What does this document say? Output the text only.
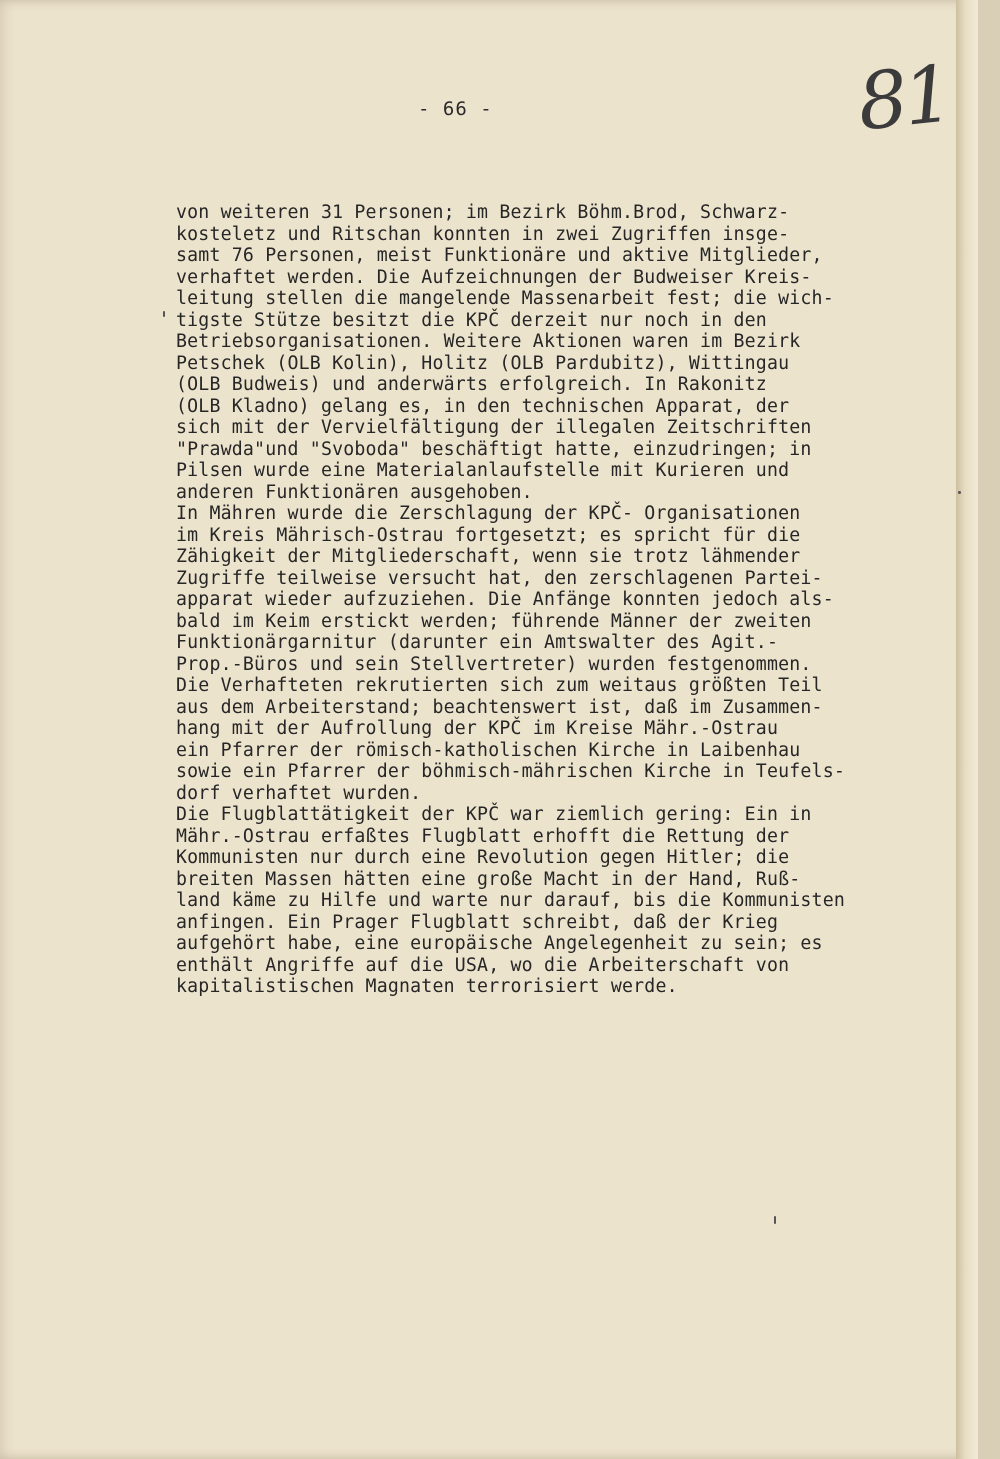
- 66 -	81
von weiteren 31 Personen; im Bezirk Böhm.Brod, Schwarz-
kosteletz und Ritschan konnten in zwei Zugriffen insge-
samt 76 Personen, meist Funktionäre und aktive Mitglieder,
verhaftet werden. Die Aufzeichnungen der Budweiser Kreis-
leitung stellen die mangelende Massenarbeit fest; die wich-
tigste Stütze besitzt die KPČ derzeit nur noch in den
Betriebsorganisationen. Weitere Aktionen waren im Bezirk
Petschek (OLB Kolin), Holitz (OLB Pardubitz), Wittingau
(OLB Budweis) und anderwärts erfolgreich. In Rakonitz
(OLB Kladno) gelang es, in den technischen Apparat, der
sich mit der Vervielfältigung der illegalen Zeitschriften
"Prawda"und "Svoboda" beschäftigt hatte, einzudringen; in
Pilsen wurde eine Materialanlaufstelle mit Kurieren und
anderen Funktionären ausgehoben.
In Mähren wurde die Zerschlagung der KPČ- Organisationen
im Kreis Mährisch-Ostrau fortgesetzt; es spricht für die
Zähigkeit der Mitgliederschaft, wenn sie trotz lähmender
Zugriffe teilweise versucht hat, den zerschlagenen Partei-
apparat wieder aufzuziehen. Die Anfänge konnten jedoch als-
bald im Keim erstickt werden; führende Männer der zweiten
Funktionärgarnitur (darunter ein Amtswalter des Agit.-
Prop.-Büros und sein Stellvertreter) wurden festgenommen.
Die Verhafteten rekrutierten sich zum weitaus größten Teil
aus dem Arbeiterstand; beachtenswert ist, daß im Zusammen-
hang mit der Aufrollung der KPČ im Kreise Mähr.-Ostrau
ein Pfarrer der römisch-katholischen Kirche in Laibenhau
sowie ein Pfarrer der böhmisch-mährischen Kirche in Teufels-
dorf verhaftet wurden.
Die Flugblattätigkeit der KPČ war ziemlich gering: Ein in
Mähr.-Ostrau erfaßtes Flugblatt erhofft die Rettung der
Kommunisten nur durch eine Revolution gegen Hitler; die
breiten Massen hätten eine große Macht in der Hand, Ruß-
land käme zu Hilfe und warte nur darauf, bis die Kommunisten
anfingen. Ein Prager Flugblatt schreibt, daß der Krieg
aufgehört habe, eine europäische Angelegenheit zu sein; es
enthält Angriffe auf die USA, wo die Arbeiterschaft von
kapitalistischen Magnaten terrorisiert werde.
